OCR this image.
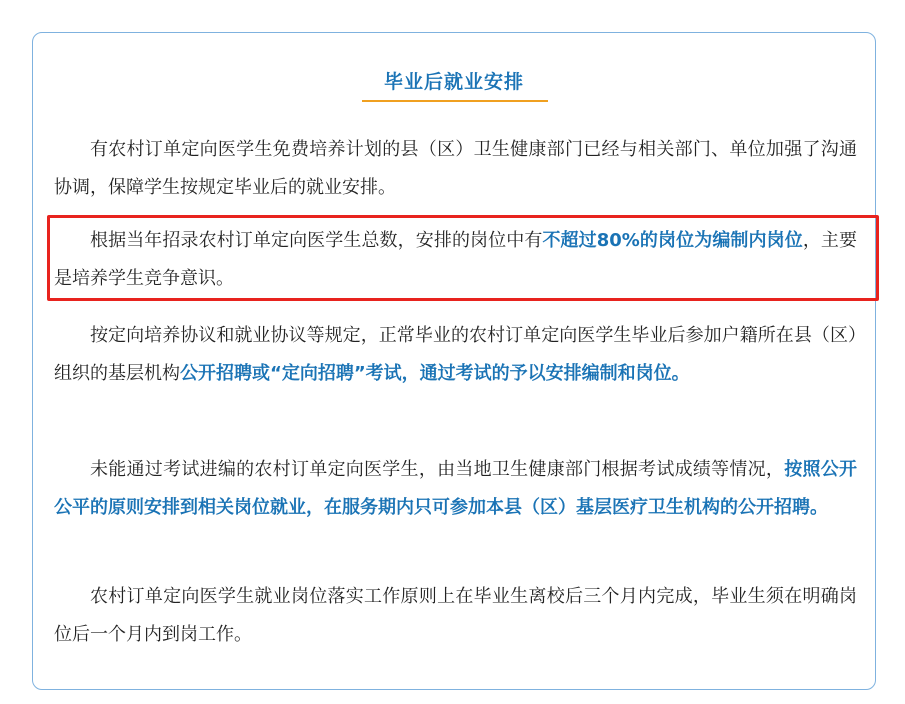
毕业后就业安排

有农村订单定向医学生免费培养计划的县（区）卫生健康部门已经与相关部门、单位加强了沟通协调，保障学生按规定毕业后的就业安排。

根据当年招录农村订单定向医学生总数，安排的岗位中有不超过80%的岗位为编制内岗位，主要是培养学生竞争意识。

按定向培养协议和就业协议等规定，正常毕业的农村订单定向医学生毕业后参加户籍所在县（区）组织的基层机构公开招聘或“定向招聘”考试，通过考试的予以安排编制和岗位。

未能通过考试进编的农村订单定向医学生，由当地卫生健康部门根据考试成绩等情况，按照公开公平的原则安排到相关岗位就业，在服务期内只可参加本县（区）基层医疗卫生机构的公开招聘。

农村订单定向医学生就业岗位落实工作原则上在毕业生离校后三个月内完成，毕业生须在明确岗位后一个月内到岗工作。
